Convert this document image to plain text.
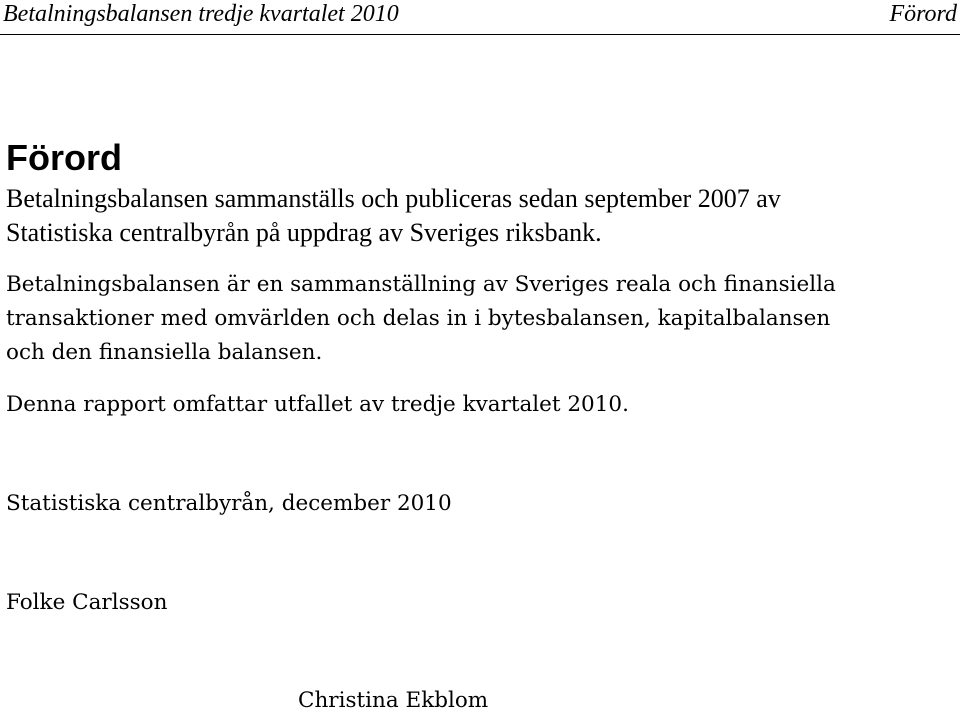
Betalningsbalansen tredje kvartalet 2010	Förord
Förord

Betalningsbalansen sammanställs och publiceras sedan september 2007 av
Statistiska centralbyrån på uppdrag av Sveriges riksbank.

Betalningsbalansen är en sammanställning av Sveriges reala och finansiella
transaktioner med omvärlden och delas in i bytesbalansen, kapitalbalansen
och den finansiella balansen.

Denna rapport omfattar utfallet av tredje kvartalet 2010.

Statistiska centralbyrån, december 2010

Folke Carlsson

Christina Ekblom
